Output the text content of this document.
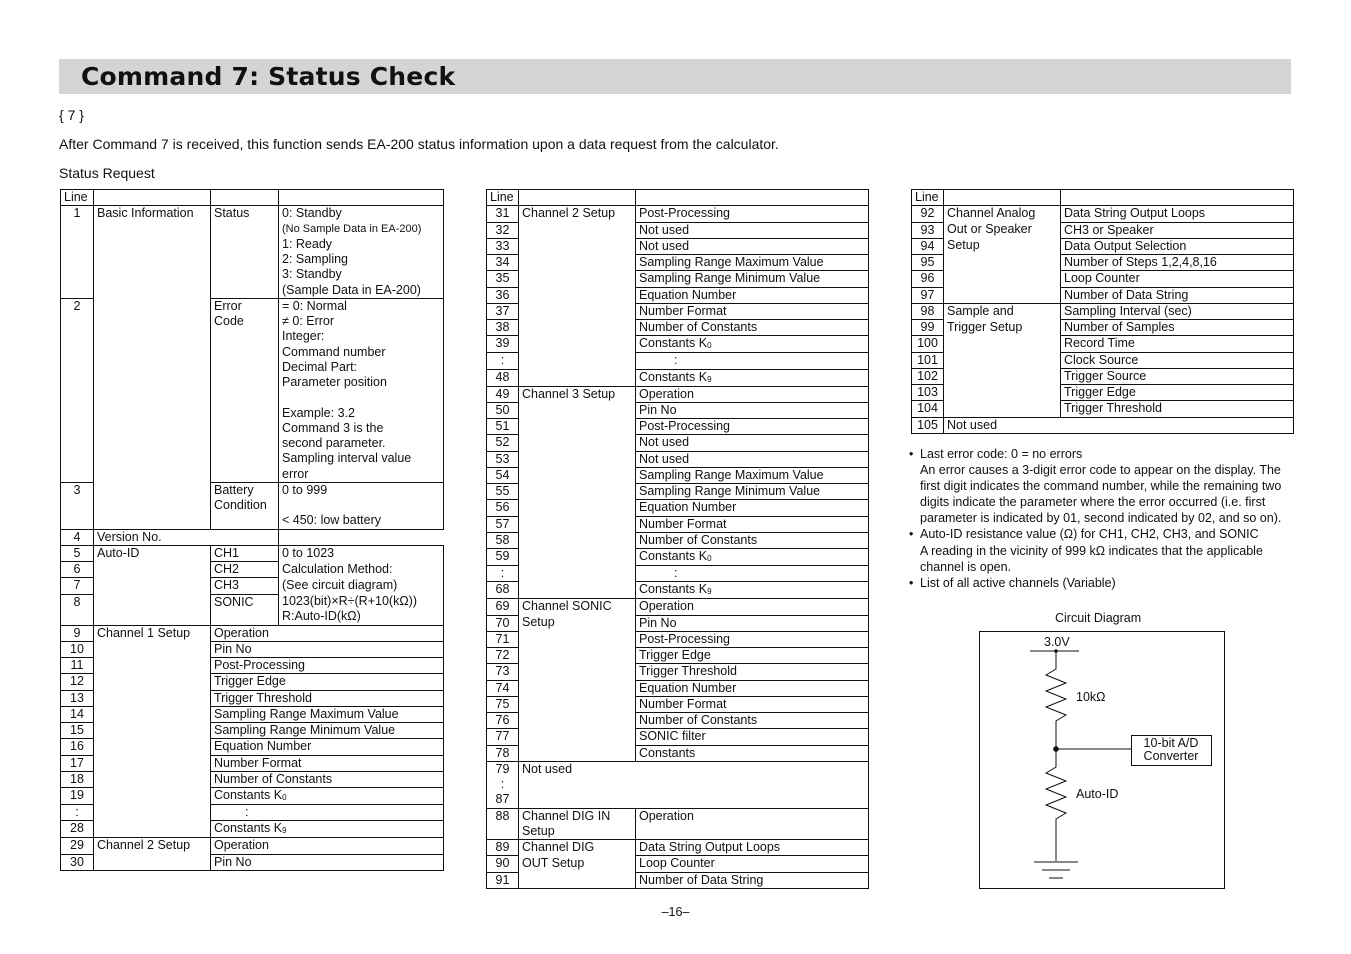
Command 7: Status Check
{ 7 }
After Command 7 is received, this function sends EA-200 status information upon a data request from the calculator.
Status Request
Line			
1	Basic Information	Status	0: Standby
			(No Sample Data in EA-200)
			1: Ready
			2: Sampling
			3: Standby
			(Sample Data in EA-200)
2		Error	= 0: Normal
		Code	≠ 0: Error
			Integer:
			Command number
			Decimal Part:
			Parameter position

			Example: 3.2
			Command 3 is the
			second parameter.
			Sampling interval value
			error
3		Battery	0 to 999
		Condition	
			< 450: low battery
4	Version No.		
5	Auto-ID	CH1	0 to 1023
6		CH2	Calculation Method:
7		CH3	(See circuit diagram)
8		SONIC	1023(bit)×R÷(R+10(kΩ))
			R:Auto-ID(kΩ)
9	Channel 1 Setup	Operation	
10		Pin No	
11		Post-Processing	
12		Trigger Edge	
13		Trigger Threshold	
14		Sampling Range Maximum Value	
15		Sampling Range Minimum Value	
16		Equation Number	
17		Number Format	
18		Number of Constants	
19		Constants K0	
:		:	
28		Constants K9	
29	Channel 2 Setup	Operation	
30		Pin No	
Line		
31	Channel 2 Setup	Post-Processing
32		Not used
33		Not used
34		Sampling Range Maximum Value
35		Sampling Range Minimum Value
36		Equation Number
37		Number Format
38		Number of Constants
39		Constants K0
:		:
48		Constants K9
49	Channel 3 Setup	Operation
50		Pin No
51		Post-Processing
52		Not used
53		Not used
54		Sampling Range Maximum Value
55		Sampling Range Minimum Value
56		Equation Number
57		Number Format
58		Number of Constants
59		Constants K0
:		:
68		Constants K9
69	Channel SONIC	Operation
70	Setup	Pin No
71		Post-Processing
72		Trigger Edge
73		Trigger Threshold
74		Equation Number
75		Number Format
76		Number of Constants
77		SONIC filter
78		Constants
79	Not used	
:		
87		
88	Channel DIG IN	Operation
	Setup	
89	Channel DIG	Data String Output Loops
90	OUT Setup	Loop Counter
91		Number of Data String
Line		
92	Channel Analog	Data String Output Loops
93	Out or Speaker	CH3 or Speaker
94	Setup	Data Output Selection
95		Number of Steps 1,2,4,8,16
96		Loop Counter
97		Number of Data String
98	Sample and	Sampling Interval (sec)
99	Trigger Setup	Number of Samples
100		Record Time
101		Clock Source
102		Trigger Source
103		Trigger Edge
104		Trigger Threshold
105	Not used	
• Last error code: 0 = no errors
An error causes a 3-digit error code to appear on the display. The first digit indicates the command number, while the remaining two digits indicate the parameter where the error occurred (i.e. first parameter is indicated by 01, second indicated by 02, and so on).
• Auto-ID resistance value (Ω) for CH1, CH2, CH3, and SONIC
A reading in the vicinity of 999 kΩ indicates that the applicable channel is open.
• List of all active channels (Variable)
Circuit Diagram
3.0V
10kΩ
10-bit A/D
Converter
Auto-ID
–16–
